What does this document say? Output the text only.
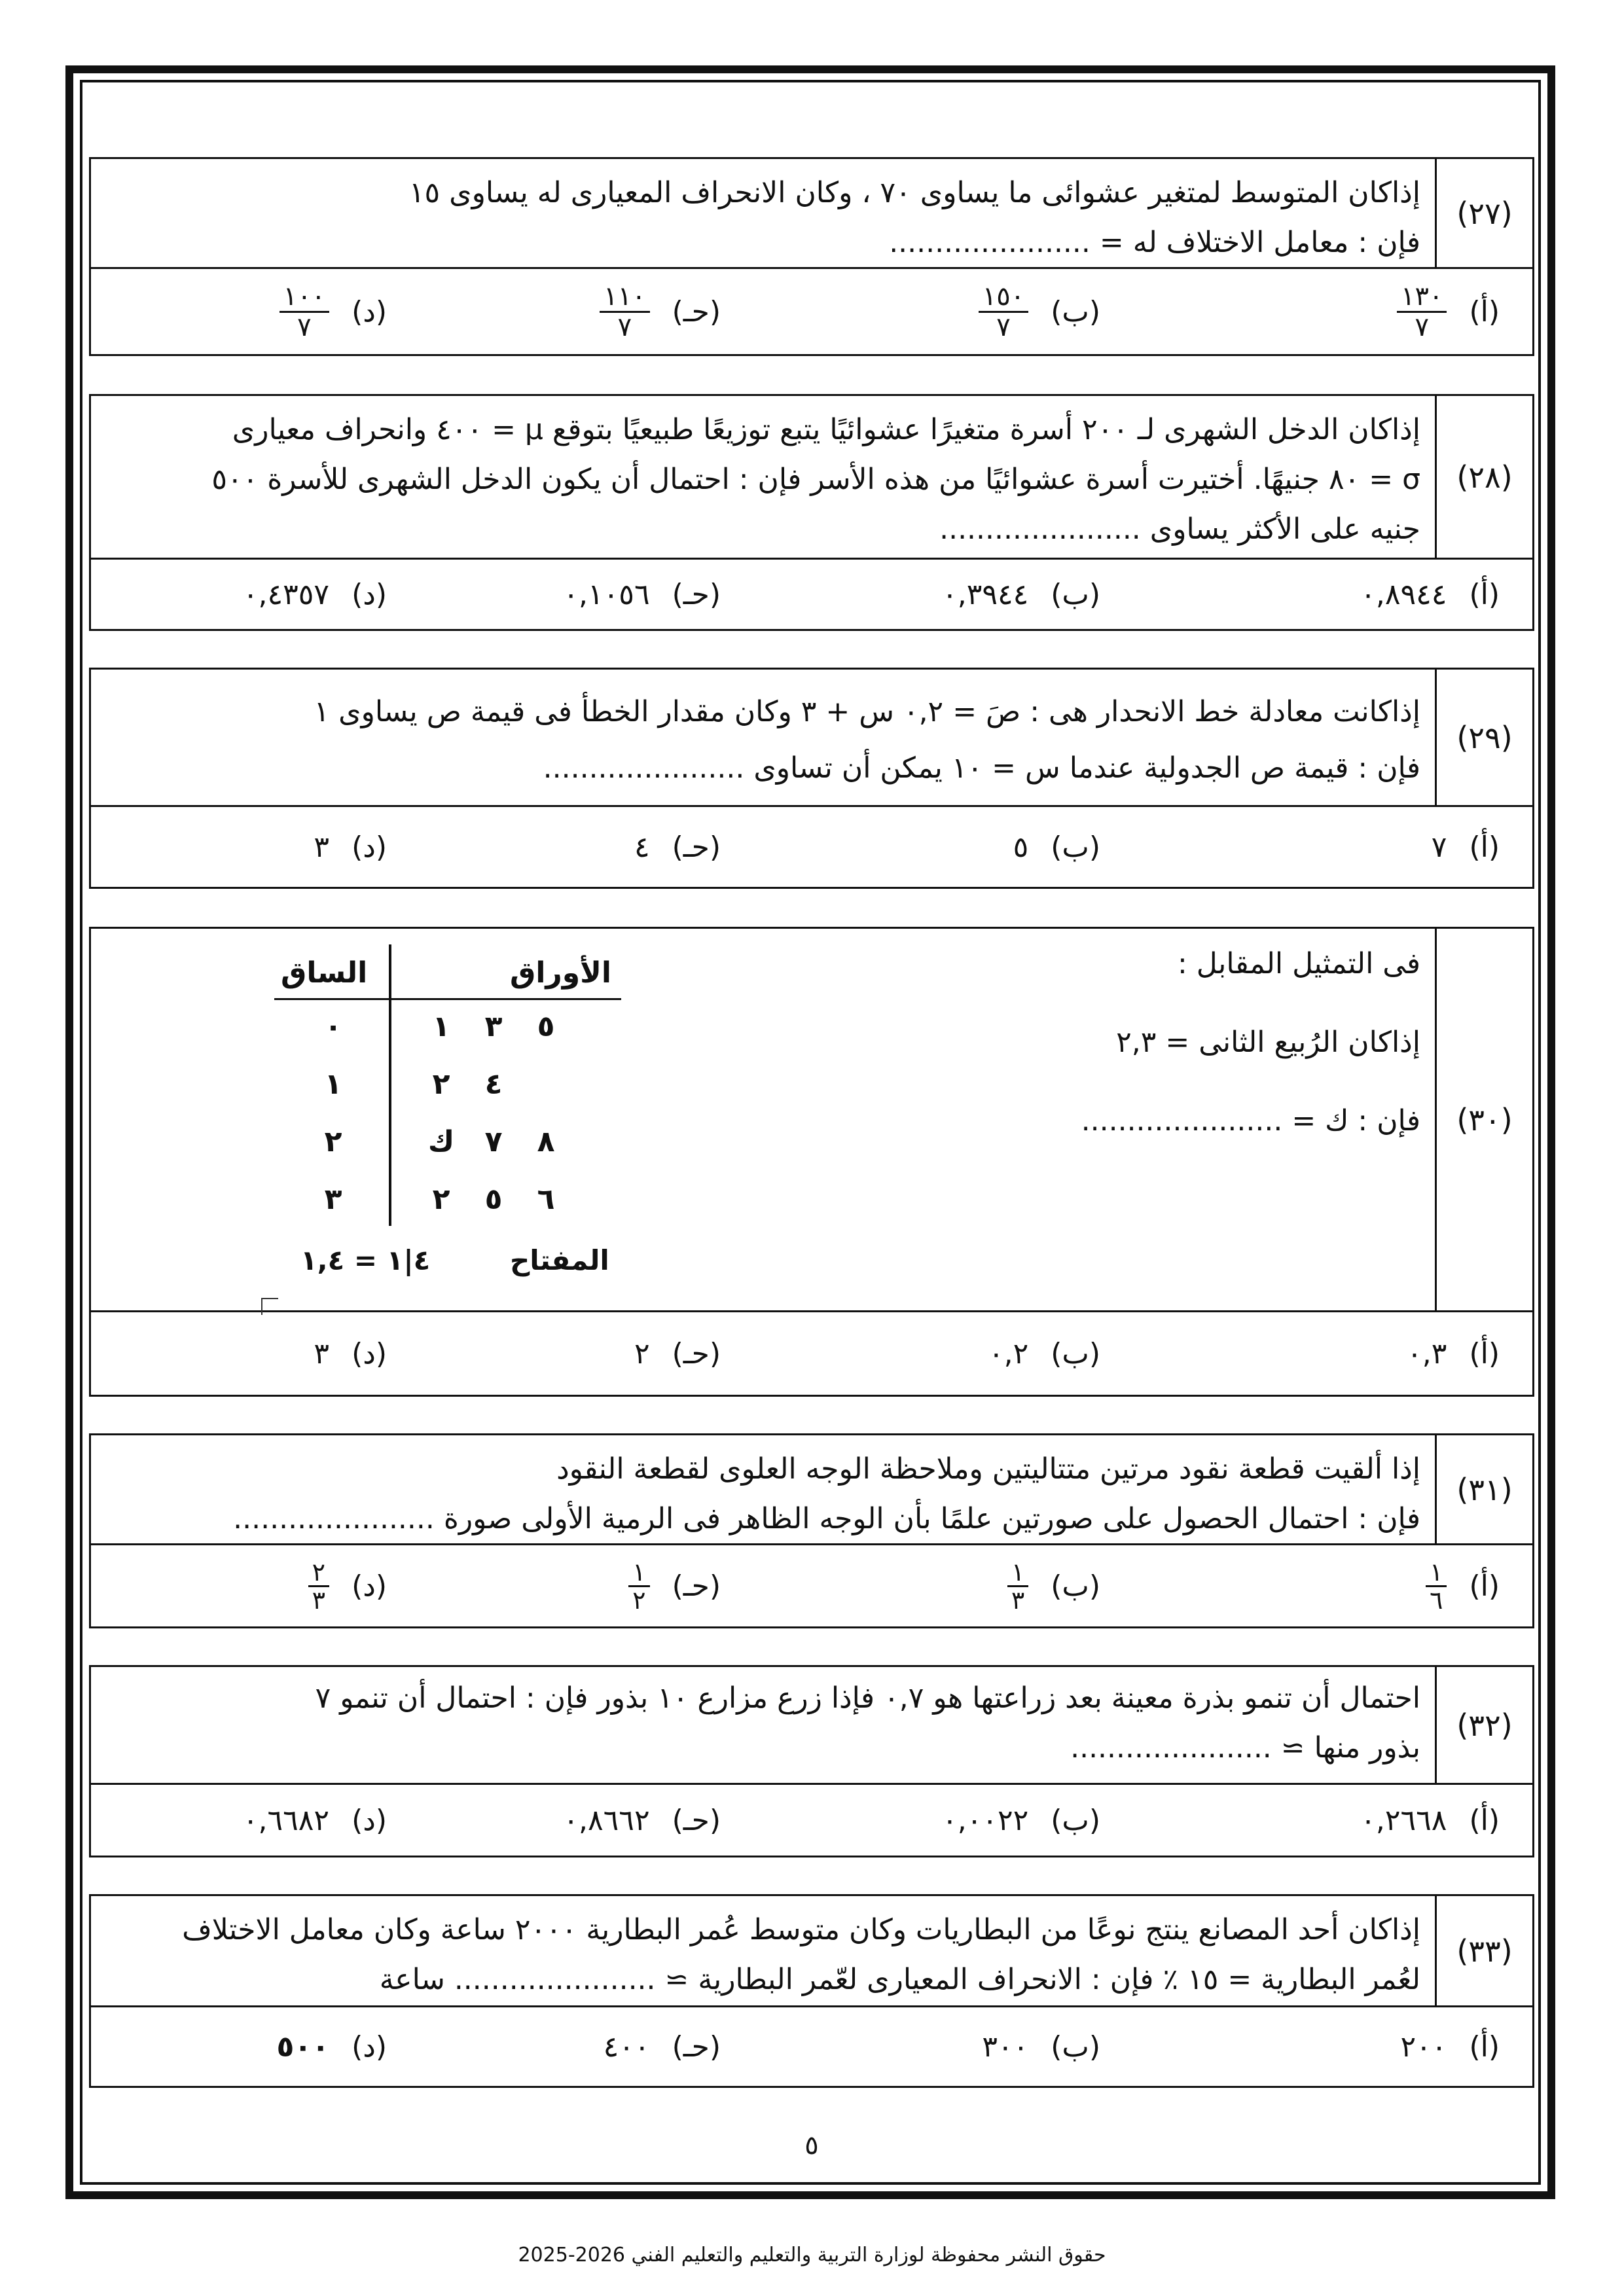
(٢٧)
إذاكان المتوسط لمتغير عشوائى ما يساوى ٧٠ ، وكان الانحراف المعيارى له يساوى ١٥
فإن : معامل الاختلاف له = ......................
(أ)
$\frac{١٣٠}{٧}$
(ب)
$\frac{١٥٠}{٧}$
(حـ)
$\frac{١١٠}{٧}$
(د)
$\frac{١٠٠}{٧}$
(٢٨)
إذاكان الدخل الشهرى لـ ٢٠٠ أسرة متغيرًا عشوائيًا يتبع توزيعًا طبيعيًا بتوقع μ = ٤٠٠ وانحراف معيارى
σ = ٨٠ جنيهًا. أختيرت أسرة عشوائيًا من هذه الأسر فإن : احتمال أن يكون الدخل الشهرى للأسرة ٥٠٠
جنيه على الأكثر يساوى ......................
(أ)
٠,٨٩٤٤
(ب)
٠,٣٩٤٤
(حـ)
٠,١٠٥٦
(د)
٠,٤٣٥٧
(٢٩)
إذاكانت معادلة خط الانحدار هى : صَ = ٠,٢ س + ٣ وكان مقدار الخطأ فى قيمة ص يساوى ١
فإن : قيمة ص الجدولية عندما س = ١٠ يمكن أن تساوى ......................
(أ)
٧
(ب)
٥
(حـ)
٤
(د)
٣
(٣٠)
فى التمثيل المقابل :
إذاكان الرُبيع الثانى = ٢,٣
فإن : ك = ......................
الساق	الأوراق
٠	١	٣	٥
١	٢	٤
٢	ك	٧	٨
٣	٢	٥	٦
المفتاح
٤|١ = ١,٤
(أ)
٠,٣
(ب)
٠,٢
(حـ)
٢
(د)
٣
(٣١)
إذا ألقيت قطعة نقود مرتين متتاليتين وملاحظة الوجه العلوى لقطعة النقود
فإن : احتمال الحصول على صورتين علمًا بأن الوجه الظاهر فى الرمية الأولى صورة ......................
(أ)
$\frac{١}{٦}$
(ب)
$\frac{١}{٣}$
(حـ)
$\frac{١}{٢}$
(د)
$\frac{٢}{٣}$
(٣٢)
احتمال أن تنمو بذرة معينة بعد زراعتها هو ٠,٧ فإذا زرع مزارع ١٠ بذور فإن : احتمال أن تنمو ٧
بذور منها ≃ ......................
(أ)
٠,٢٦٦٨
(ب)
٠,٠٠٢٢
(حـ)
٠,٨٦٦٢
(د)
٠,٦٦٨٢
(٣٣)
إذاكان أحد المصانع ينتج نوعًا من البطاريات وكان متوسط عُمر البطارية ٢٠٠٠ ساعة وكان معامل الاختلاف
لعُمر البطارية = ١٥ ٪ فإن : الانحراف المعيارى لعّمر البطارية ≃ ...................... ساعة
(أ)
٢٠٠
(ب)
٣٠٠
(حـ)
٤٠٠
(د)
٥٠٠
٥
حقوق النشر محفوظة لوزارة التربية والتعليم والتعليم الفني 2026-2025
